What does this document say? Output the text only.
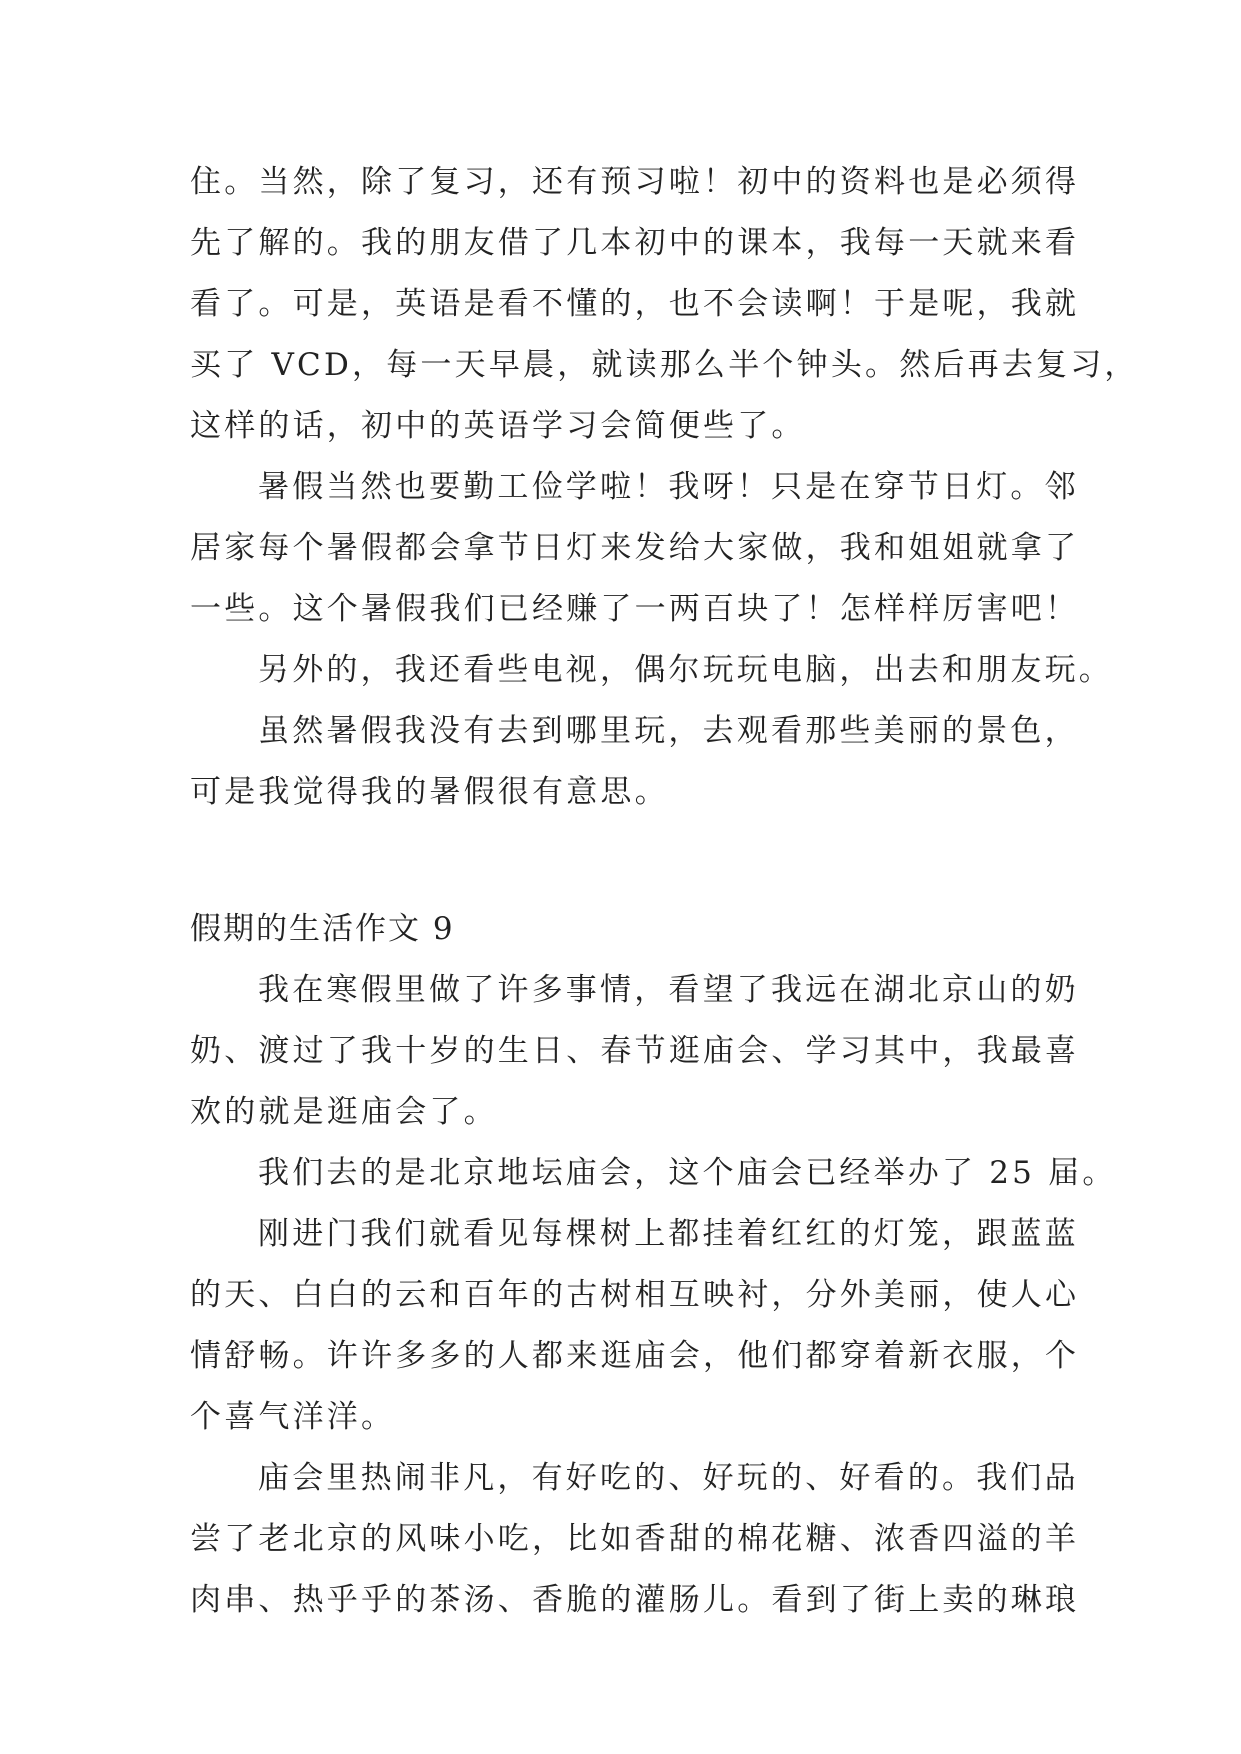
住。当然，除了复习，还有预习啦！初中的资料也是必须得
先了解的。我的朋友借了几本初中的课本，我每一天就来看
看了。可是，英语是看不懂的，也不会读啊！于是呢，我就
买了 VCD，每一天早晨，就读那么半个钟头。然后再去复习，
这样的话，初中的英语学习会简便些了。
暑假当然也要勤工俭学啦！我呀！只是在穿节日灯。邻
居家每个暑假都会拿节日灯来发给大家做，我和姐姐就拿了
一些。这个暑假我们已经赚了一两百块了！怎样样厉害吧！
另外的，我还看些电视，偶尔玩玩电脑，出去和朋友玩。
虽然暑假我没有去到哪里玩，去观看那些美丽的景色，
可是我觉得我的暑假很有意思。
假期的生活作文 9
我在寒假里做了许多事情，看望了我远在湖北京山的奶
奶、渡过了我十岁的生日、春节逛庙会、学习其中，我最喜
欢的就是逛庙会了。
我们去的是北京地坛庙会，这个庙会已经举办了 25 届。
刚进门我们就看见每棵树上都挂着红红的灯笼，跟蓝蓝
的天、白白的云和百年的古树相互映衬，分外美丽，使人心
情舒畅。许许多多的人都来逛庙会，他们都穿着新衣服，个
个喜气洋洋。
庙会里热闹非凡，有好吃的、好玩的、好看的。我们品
尝了老北京的风味小吃，比如香甜的棉花糖、浓香四溢的羊
肉串、热乎乎的茶汤、香脆的灌肠儿。看到了街上卖的琳琅
